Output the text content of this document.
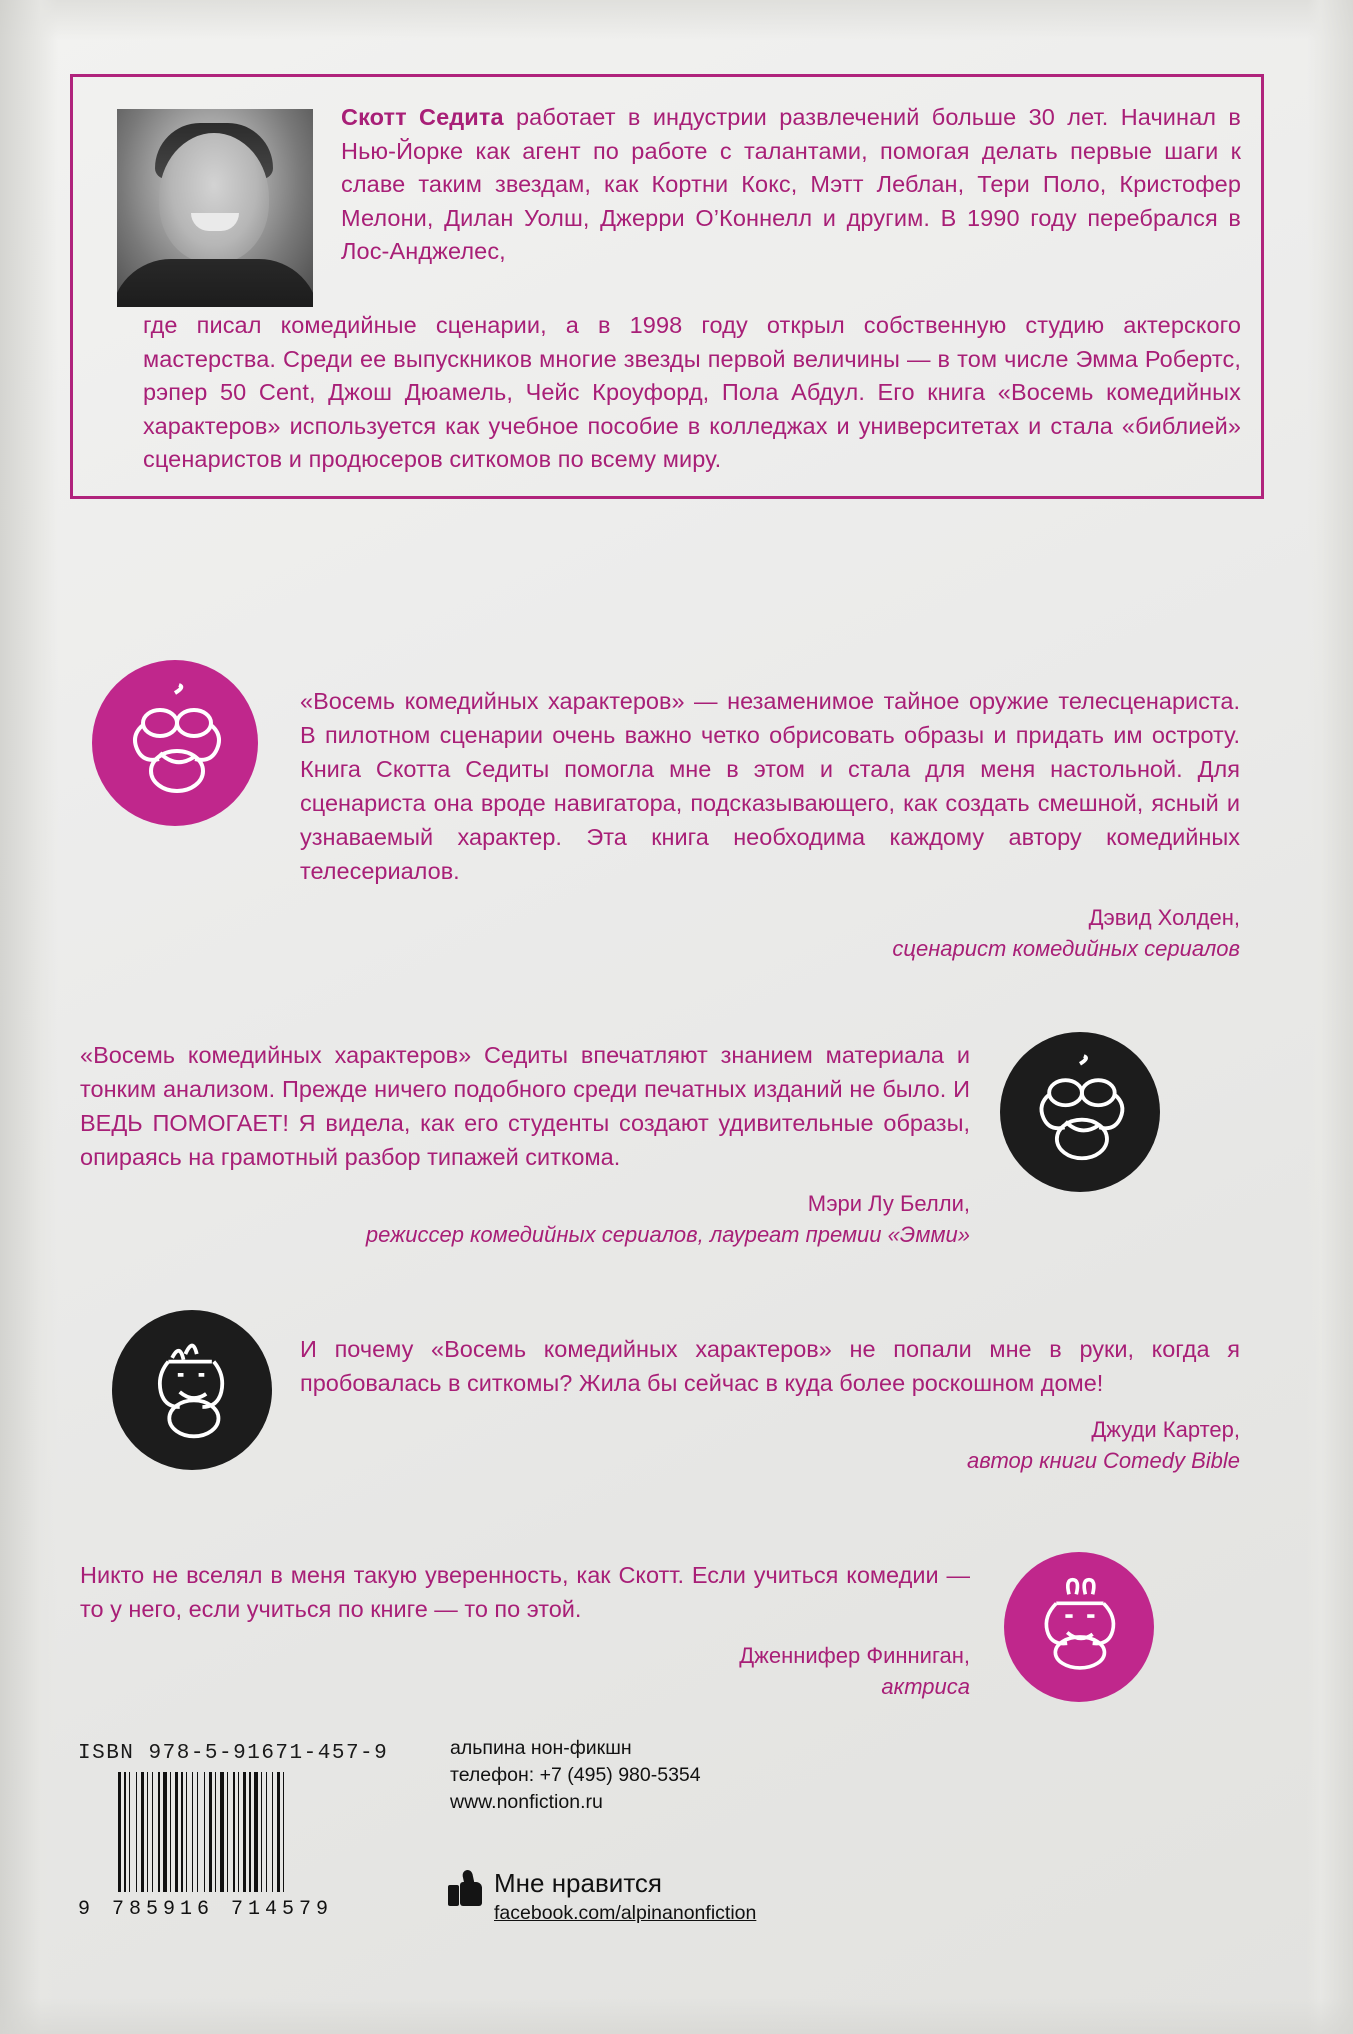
Скотт Седита работает в индустрии развлечений больше 30 лет. Начинал в Нью-Йорке как агент по работе с талантами, помогая делать первые шаги к славе таким звездам, как Кортни Кокс, Мэтт Леблан, Тери Поло, Кристофер Мелони, Дилан Уолш, Джерри О’Коннелл и другим. В 1990 году перебрался в Лос-Анджелес,
где писал комедийные сценарии, а в 1998 году открыл собственную студию актерского мастерства. Среди ее выпускников многие звезды первой величины — в том числе Эмма Робертс, рэпер 50 Cent, Джош Дюамель, Чейс Кроуфорд, Пола Абдул. Его книга «Восемь комедийных характеров» используется как учебное пособие в колледжах и университетах и стала «библией» сценаристов и продюсеров ситкомов по всему миру.
«Восемь комедийных характеров» — незаменимое тайное оружие телесценариста. В пилотном сценарии очень важно четко обрисовать образы и придать им остроту. Книга Скотта Седиты помогла мне в этом и стала для меня настольной. Для сценариста она вроде навигатора, подсказывающего, как создать смешной, ясный и узнаваемый характер. Эта книга необходима каждому автору комедийных телесериалов.
Дэвид Холден,
сценарист комедийных сериалов
«Восемь комедийных характеров» Седиты впечатляют знанием материала и тонким анализом. Прежде ничего подобного среди печатных изданий не было. И ВЕДЬ ПОМОГАЕТ! Я видела, как его студенты создают удивительные образы, опираясь на грамотный разбор типажей ситкома.
Мэри Лу Белли,
режиссер комедийных сериалов, лауреат премии «Эмми»
И почему «Восемь комедийных характеров» не попали мне в руки, когда я пробовалась в ситкомы? Жила бы сейчас в куда более роскошном доме!
Джуди Картер,
автор книги Comedy Bible
Никто не вселял в меня такую уверенность, как Скотт. Если учиться комедии — то у него, если учиться по книге — то по этой.
Дженнифер Финниган,
актриса
ISBN 978-5-91671-457-9
9 785916 714579
альпина нон-фикшн
телефон: +7 (495) 980-5354
www.nonfiction.ru
Мне нравится
facebook.com/alpinanonfiction
